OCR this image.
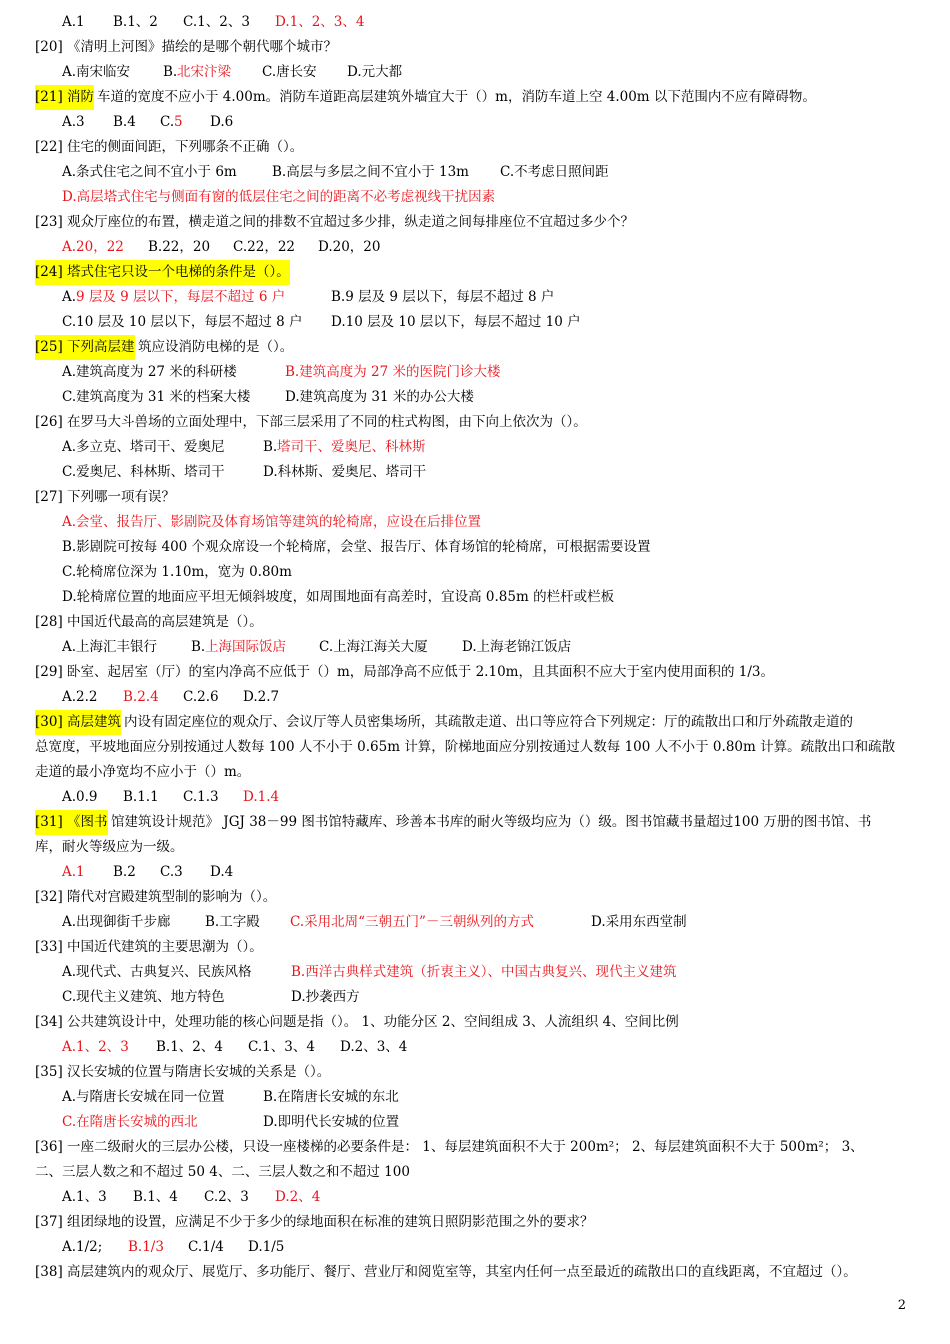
A.1 B.1、2 C.1、2、3 D.1、2、3、4
[20] 《清明上河图》描绘的是哪个朝代哪个城市？
A.南宋临安 B. 北宋汴梁 C.唐长安 D.元大都
[21] 消防 车道的宽度不应小于 4.00m。消防车道距高层建筑外墙宜大于（）m，消防车道上空 4.00m 以下范围内不应有障碍物。
A.3 B.4 C. 5 D.6
[22] 住宅的侧面间距，下列哪条不正确（）。
A.条式住宅之间不宜小于 6m	B.高层与多层之间不宜小于 13m C.不考虑日照间距
D.高层塔式住宅与侧面有窗的低层住宅之间的距离不必考虑视线干扰因素
[23] 观众厅座位的布置，横走道之间的排数不宜超过多少排，纵走道之间每排座位不宜超过多少个？
A.20，22 B.22，20 C.22，22 D.20，20
[24] 塔式住宅只设一个电梯的条件是（）。
A. 9 层及 9 层以下，每层不超过 6 户	B.9 层及 9 层以下，每层不超过 8 户
C.10 层及 10 层以下，每层不超过 8 户 D.10 层及 10 层以下，每层不超过 10 户
[25] 下列高层建 筑应设消防电梯的是（）。
A.建筑高度为 27 米的科研楼	B.建筑高度为 27 米的医院门诊大楼
C.建筑高度为 31 米的档案大楼	D.建筑高度为 31 米的办公大楼
[26] 在罗马大斗兽场的立面处理中，下部三层采用了不同的柱式构图，由下向上依次为（）。
A.多立克、塔司干、爱奥尼	B. 塔司干、爱奥尼、科林斯
C.爱奥尼、科林斯、塔司干	D.科林斯、爱奥尼、塔司干
[27] 下列哪一项有误？
A.会堂、报告厅、影剧院及体育场馆等建筑的轮椅席，应设在后排位置
B.影剧院可按每 400 个观众席设一个轮椅席，会堂、报告厅、体育场馆的轮椅席，可根据需要设置
C.轮椅席位深为 1.10m，宽为 0.80m
D.轮椅席位置的地面应平坦无倾斜坡度，如周围地面有高差时，宜设高 0.85m 的栏杆或栏板
[28] 中国近代最高的高层建筑是（）。
A.上海汇丰银行	B. 上海国际饭店 C.上海江海关大厦	D.上海老锦江饭店
[29] 卧室、起居室（厅）的室内净高不应低于（）m，局部净高不应低于 2.10m，且其面积不应大于室内使用面积的 1/3。
A.2.2 B.2.4 C.2.6 D.2.7
[30] 高层建筑 内设有固定座位的观众厅、会议厅等人员密集场所，其疏散走道、出口等应符合下列规定：厅的疏散出口和厅外疏散走道的
总宽度，平坡地面应分别按通过人数每 100 人不小于 0.65m 计算，阶梯地面应分别按通过人数每 100 人不小于 0.80m 计算。疏散出口和疏散
走道的最小净宽均不应小于（）m。
A.0.9 B.1.1 C.1.3 D.1.4
[31] 《图书 馆建筑设计规范》 JGJ 38－99 图书馆特藏库、珍善本书库的耐火等级均应为（）级。图书馆藏书量超过100 万册的图书馆、书
库，耐火等级应为一级。
A.1 B.2 C.3 D.4
[32] 隋代对宫殿建筑型制的影响为（）。
A.出现御街千步廊	B.工字殿 C.采用北周“三朝五门”－三朝纵列的方式	D.采用东西堂制
[33] 中国近代建筑的主要思潮为（）。
A.现代式、古典复兴、民族风格	B.西洋古典样式建筑（折衷主义）、中国古典复兴、现代主义建筑
C.现代主义建筑、地方特色	D.抄袭西方
[34] 公共建筑设计中，处理功能的核心问题是指（）。 1、功能分区 2、空间组成 3、人流组织 4、空间比例
A.1、2、3 B.1、2、4 C.1、3、4 D.2、3、4
[35] 汉长安城的位置与隋唐长安城的关系是（）。
A.与隋唐长安城在同一位置	B.在隋唐长安城的东北
C.在隋唐长安城的西北	D.即明代长安城的位置
[36] 一座二级耐火的三层办公楼，只设一座楼梯的必要条件是： 1、每层建筑面积不大于 200m²； 2、每层建筑面积不大于 500m²； 3、
二、三层人数之和不超过 50 4、二、三层人数之和不超过 100
A.1、3 B.1、4 C.2、3 D.2、4
[37] 组团绿地的设置，应满足不少于多少的绿地面积在标准的建筑日照阴影范围之外的要求？
A.1/2; B.1/3 C.1/4 D.1/5
[38] 高层建筑内的观众厅、展览厅、多功能厅、餐厅、营业厅和阅览室等，其室内任何一点至最近的疏散出口的直线距离，不宜超过（）。
2
